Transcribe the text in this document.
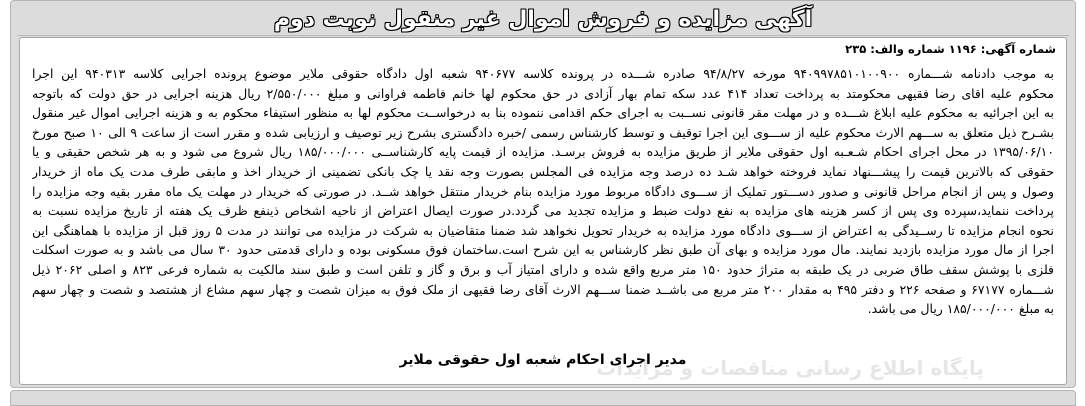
آگهی مزایده و فروش اموال غیر منقول نوبت دوم
پایگاه اطلاع رسانی مناقصات و مزایدات
شماره آگهی: ۱۱۹۶ شماره والف: ۲۳۵
به موجب دادنامه شـــماره ۹۴۰۹۹۷۸۵۱۰۱۰۰۹۰۰ مورخه ۹۴/۸/۲۷ صادره شـــده در پرونده کلاسه ۹۴۰۶۷۷ شعبه اول دادگاه حقوقی ملایر موضوع پرونده اجرایی کلاسه ۹۴۰۳۱۳ این اجرا
محکوم علیه اقای رضا فقیهی محکومتد به پرداخت تعداد ۴۱۴ عدد سکه تمام بهار آزادی در حق محکوم لها خانم فاطمه فراوانی و مبلغ ۲/۵۵۰/۰۰۰ ریال هزینه اجرایی در حق دولت که باتوجه
به این اجرائیه به محکوم علیه ابلاغ شـــده و در مهلت مقر قانونی نســبت به اجرای حکم اقدامی ننموده بنا به درخواســت محکوم لها به منظور استیفاء محکوم به و هزینه اجرایی اموال غیر منقول
بشـرح ذیل متعلق به ســـهم الارث محکوم علیه از ســـوی این اجرا توقیف و توسط کارشناس رسمی /خبره دادگستری بشرح زیر توصیف و ارزیابی شده و مقرر است از ساعت ۹ الی ۱۰ صبح مورخ
۱۳۹۵/۰۶/۱۰ در محل اجرای احکام شـعـبه اول حقوقی ملایر از طریق مزایده به فروش برسـد. مزایده از قیمت پایه کارشناســی ۱۸۵/۰۰۰/۰۰۰ ریال شروع می شود و به هر شخص حقیقی و یا
حقوقی که بالاترین قیمت را پیشـــنهاد نماید فروخته خواهد شـد ده درصد وجه مزایده فی المجلس بصورت وجه نقد یا چک بانکی تضمینی از خریدار اخذ و مابقی طرف مدت یک ماه از خریدار
وصول و پس از انجام مراحل قانونی و صدور دســـتور تملیک از ســـوی دادگاه مربوط مورد مزایده بنام خریدار منتقل خواهد شــد. در صورتی که خریدار در مهلت یک ماه مقرر بقیه وجه مزایده را
پرداخت ننماید،سپرده وی پس از کسر هزینه های مزایده به نفع دولت ضبط و مزایده تجدید می گردد.در صورت ایصال اعتراض از ناحیه اشخاص ذینفع ظرف یک هفته از تاریخ مزایده نسبت به
نحوه انجام مزایده تا رســیدگی به اعتراض از ســـوی دادگاه مورد مزایده به خریدار تحویل نخواهد شد ضمنا متقاضیان به شرکت در مزایده می توانند در مدت ۵ روز قبل از مزایده با هماهنگی این
اجرا از مال مورد مزایده بازدید نمایند. مال مورد مزایده و بهای آن طبق نظر کارشناس به این شرح است.ساختمان فوق مسکونی بوده و دارای قدمتی حدود ۳۰ سال می باشد و به صورت اسکلت
فلزی با پوشش سقف طاق ضربی در یک طبقه به متراژ حدود ۱۵۰ متر مربع واقع شده و دارای امتیاز آب و برق و گاز و تلفن است و طبق سند مالکیت به شماره فرعی ۸۲۳ و اصلی ۲۰۶۲ ذیل
شـــماره ۶۷۱۷۷ و صفحه ۲۲۶ و دفتر ۴۹۵ به مقدار ۲۰۰ متر مربع می باشــد ضمنا ســـهم الارث آقای رضا فقیهی از ملک فوق به میزان شصت و چهار سهم مشاع از هشتصد و شصت و چهار سهم
به مبلغ ۱۸۵/۰۰۰/۰۰۰ ریال می باشد.
مدیر اجرای احکام شعبه اول حقوقی ملایر
